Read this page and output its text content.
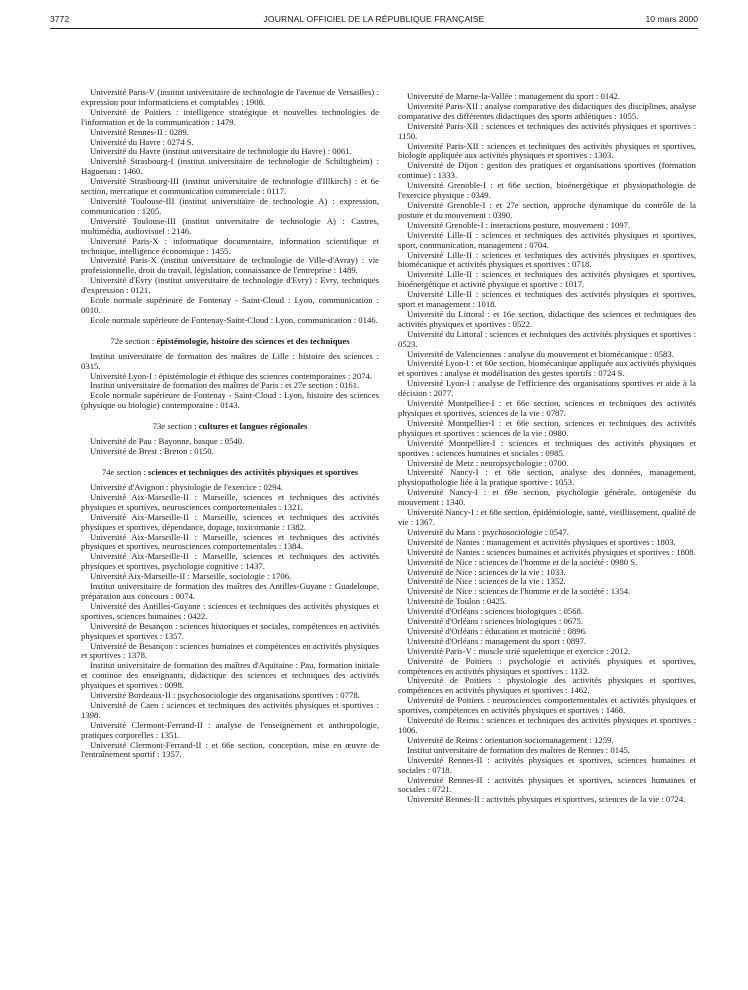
3772	JOURNAL OFFICIEL DE LA RÉPUBLIQUE FRANÇAISE	10 mars 2000

Université Paris-V (institut universitaire de technologie de l'avenue de Versailles) : expression pour informaticiens et comptables : 1908.

Université de Poitiers : intelligence stratégique et nouvelles technologies de l'information et de la communication : 1479.

Université Rennes-II : 0289.

Université du Havre : 0274 S.

Université du Havre (institut universitaire de technologie du Havre) : 0061.

Université Strasbourg-I (institut universitaire de technologie de Schiltigheim) : Haguenau : 1460.

Université Strasbourg-III (institut universitaire de technologie d'Illkirch) : et 6e section, mercatique et communication commerciale : 0117.

Université Toulouse-III (institut universitaire de technologie A) : expression, communication : 1205.

Université Toulouse-III (institut universitaire de technologie A) : Castres, multimédia, audiovisuel : 2146.

Université Paris-X : informatique documentaire, information scientifique et technique, intelligence économique : 1455.

Université Paris-X (institut universitaire de technologie de Ville-d'Avray) : vie professionnelle, droit du travail, législation, connaissance de l'entreprise : 1489.

Université d'Evry (institut universitaire de technologie d'Evry) : Evry, techniques d'expression : 0121.

Ecole normale supérieure de Fontenay - Saint-Cloud : Lyon, communication : 0010.

Ecole normale supérieure de Fontenay-Saint-Cloud : Lyon, communication : 0146.

72e section : épistémologie, histoire des sciences et des techniques

Institut universitaire de formation des maîtres de Lille : histoire des sciences : 0315.

Université Lyon-I : épistémologie et éthique des sciences contemporaines : 2074.

Institut universitaire de formation des maîtres de Paris : et 27e section : 0161.

Ecole normale supérieure de Fontenay - Saint-Cloud : Lyon, histoire des sciences (physique ou biologie) contemporaine : 0143.

73e section : cultures et langues régionales

Université de Pau : Bayonne, basque : 0540.

Université de Brest : Breton : 0150.

74e section : sciences et techniques des activités physiques et sportives

Université d'Avignon : physiologie de l'exercice : 0294.

Université Aix-Marseille-II : Marseille, sciences et techniques des activités physiques et sportives, neurosciences comportementales : 1321.

Université Aix-Marseille-II : Marseille, sciences et techniques des activités physiques et sportives, dépendance, dopage, toxicomanie : 1382.

Université Aix-Marseille-II : Marseille, sciences et techniques des activités physiques et sportives, neurosciences comportementales : 1384.

Université Aix-Marseille-II : Marseille, sciences et techniques des activités physiques et sportives, psychologie cognitive : 1437.

Université Aix-Marseille-II : Marseille, sociologie : 1706.

Institut universitaire de formation des maîtres des Antilles-Guyane : Guadeloupe, préparation aux concours : 0074.

Université des Antilles-Guyane : sciences et techniques des activités physiques et sportives, sciences humaines : 0422.

Université de Besançon : sciences historiques et sociales, compétences en activités physiques et sportives : 1357.

Université de Besançon : sciences humaines et compétences en activités physiques et sportives : 1378.

Institut universitaire de formation des maîtres d'Aquitaine : Pau, formation initiale et continue des enseignants, didactique des sciences et techniques des activités physiques et sportives : 0098.

Université Bordeaux-II : psychosociologie des organisations sportives : 0778.

Université de Caen : sciences et techniques des activités physiques et sportives : 1398.

Université Clermont-Ferrand-II : analyse de l'enseignement et anthropologie, pratiques corporelles : 1351.

Université Clermont-Ferrand-II : et 66e section, conception, mise en œuvre de l'entraînement sportif : 1357.

Université de Marne-la-Vallée : management du sport : 0142.

Université Paris-XII : analyse comparative des didactiques des disciplines, analyse comparative des différentes didactiques des sports athlétiques : 1055.

Université Paris-XII : sciences et techniques des activités physiques et sportives : 1150.

Université Paris-XII : sciences et techniques des activités physiques et sportives, biologie appliquée aux activités physiques et sportives : 1303.

Université de Dijon : gestion des pratiques et organisations sportives (formation continue) : 1333.

Université Grenoble-I : et 66e section, bioénergétique et physiopathologie de l'exercice physique : 0349.

Université Grenoble-I : et 27e section, approche dynamique du contrôle de la posture et du mouvement : 0390.

Université Grenoble-I : interactions posture, mouvement : 1097.

Université Lille-II : sciences et techniques des activités physiques et sportives, sport, communication, management : 0704.

Université Lille-II : sciences et techniques des activités physiques et sportives, biomécanique et activités physiques et sportives : 0718.

Université Lille-II : sciences et techniques des activités physiques et sportives, bioénergétique et activité physique et sportive : 1017.

Université Lille-II : sciences et techniques des activités physiques et sportives, sport et management : 1018.

Université du Littoral : et 16e section, didactique des sciences et techniques des activités physiques et sportives : 0522.

Université du Littoral : sciences et techniques des activités physiques et sportives : 0523.

Université de Valenciennes : analyse du mouvement et biomécanique : 0583.

Université Lyon-I : et 60e section, biomécanique appliquée aux activités physiques et sportives : analyse et modélisation des gestes sportifs : 0724 S.

Université Lyon-I : analyse de l'efficience des organisations sportives et aide à la décision : 2077.

Université Montpellier-I : et 66e section, sciences et techniques des activités physiques et sportives, sciences de la vie : 0787.

Université Montpellier-I : et 66e section, sciences et techniques des activités physiques et sportives : sciences de la vie : 0980.

Université Montpellier-I : sciences et techniques des activités physiques et sportives : sciences humaines et sociales : 0985.

Université de Metz : neuropsychologie : 0700.

Université Nancy-I : et 68e section, analyse des données, management, physiopathologie liée à la pratique sportive : 1053.

Université Nancy-I : et 69e section, psychologie générale, ontogenèse du mouvement : 1340.

Université Nancy-I : et 68e section, épidémiologie, santé, vieillissement, qualité de vie : 1367.

Université du Mans : psychosociologie : 0547.

Université de Nantes : management et activités physiques et sportives : 1803.

Université de Nantes : sciences humaines et activités physiques et sportives : 1808.

Université de Nice : sciences de l'homme et de la société : 0980 S.

Université de Nice : sciences de la vie : 1033.

Université de Nice : sciences de la vie : 1352.

Université de Nice : sciences de l'homme et de la société : 1354.

Université de Toulon : 0425.

Université d'Orléans : sciences biologiques : 0568.

Université d'Orléans : sciences biologiques : 0675.

Université d'Orléans : éducation et motricité : 0896.

Université d'Orléans : management du sport : 0897.

Université Paris-V : muscle strié squelettique et exercice : 2012.

Université de Poitiers : psychologie et activités physiques et sportives, compétences en activités physiques et sportives : 1132.

Université de Poitiers : physiologie des activités physiques et sportives, compétences en activités physiques et sportives : 1462.

Université de Poitiers : neurosciences comportementales et activités physiques et sportives, compétences en activités physiques et sportives : 1468.

Université de Reims : sciences et techniques des activités physiques et sportives : 1006.

Université de Reims : orientation sociomanagement : 1259.

Institut universitaire de formation des maîtres de Rennes : 0145.

Université Rennes-II : activités physiques et sportives, sciences humaines et sociales : 0718.

Université Rennes-II : activités physiques et sportives, sciences humaines et sociales : 0721.

Université Rennes-II : activités physiques et sportives, sciences de la vie : 0724.
